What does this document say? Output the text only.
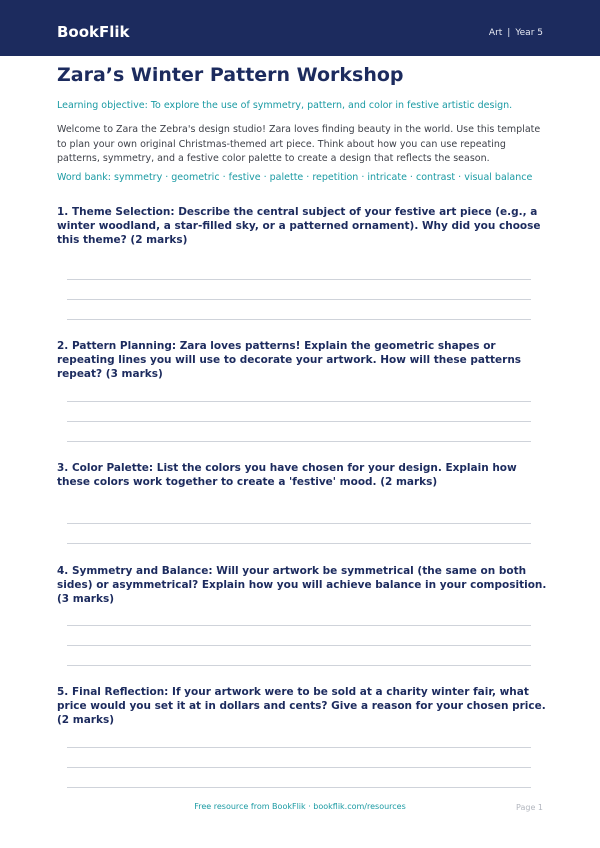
BookFlik	Art | Year 5
Zara’s Winter Pattern Workshop
Learning objective: To explore the use of symmetry, pattern, and color in festive artistic design.
Welcome to Zara the Zebra's design studio! Zara loves finding beauty in the world. Use this template to plan your own original Christmas-themed art piece. Think about how you can use repeating patterns, symmetry, and a festive color palette to create a design that reflects the season.
Word bank: symmetry · geometric · festive · palette · repetition · intricate · contrast · visual balance
1. Theme Selection: Describe the central subject of your festive art piece (e.g., a winter woodland, a star-filled sky, or a patterned ornament). Why did you choose this theme? (2 marks)
2. Pattern Planning: Zara loves patterns! Explain the geometric shapes or repeating lines you will use to decorate your artwork. How will these patterns repeat? (3 marks)
3. Color Palette: List the colors you have chosen for your design. Explain how these colors work together to create a 'festive' mood. (2 marks)
4. Symmetry and Balance: Will your artwork be symmetrical (the same on both sides) or asymmetrical? Explain how you will achieve balance in your composition. (3 marks)
5. Final Reflection: If your artwork were to be sold at a charity winter fair, what price would you set it at in dollars and cents? Give a reason for your chosen price. (2 marks)
Free resource from BookFlik · bookflik.com/resources	Page 1
